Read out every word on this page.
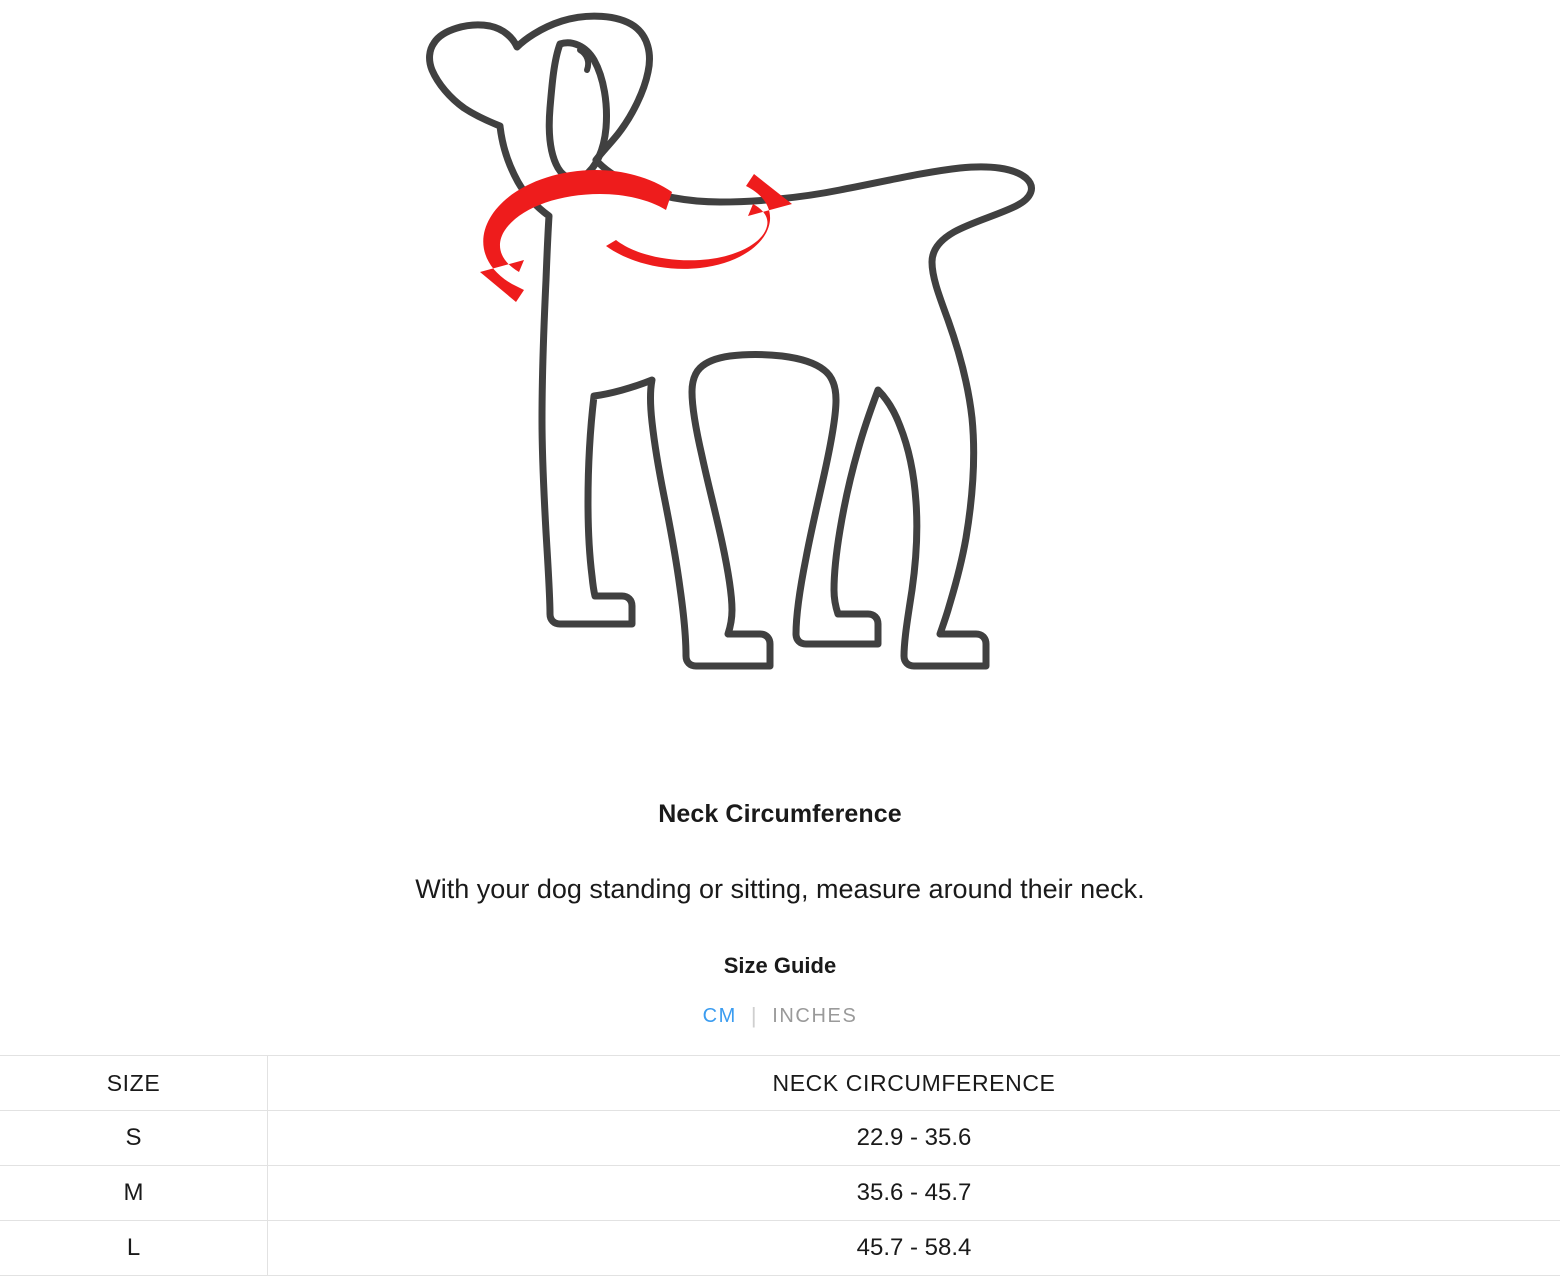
Neck Circumference
With your dog standing or sitting, measure around their neck.
Size Guide
CM | INCHES
SIZE	NECK CIRCUMFERENCE
S	22.9 - 35.6
M	35.6 - 45.7
L	45.7 - 58.4
